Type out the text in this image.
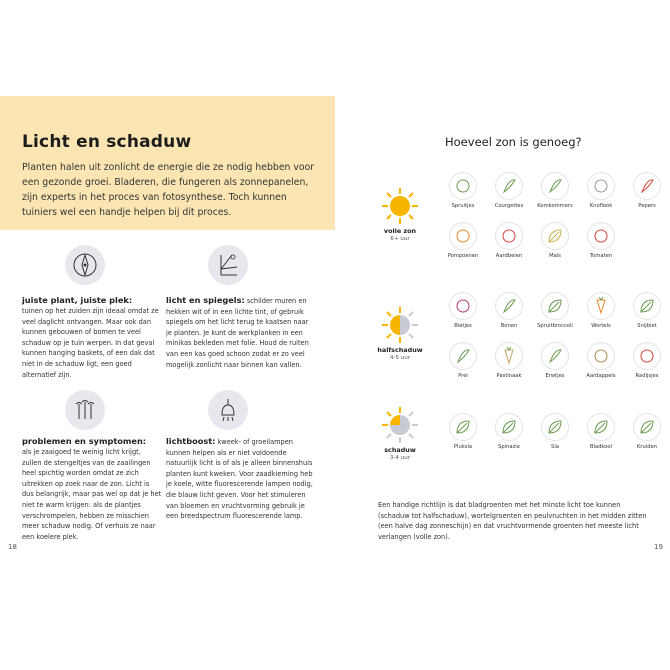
Licht en schaduw

Planten halen uit zonlicht de energie die ze nodig hebben voor een gezonde groei. Bladeren, die fungeren als zonnepanelen, zijn experts in het proces van fotosynthese. Toch kunnen tuiniers wel een handje helpen bij dit proces.

juiste plant, juiste plek:
tuinen op het zuiden zijn ideaal omdat ze veel daglicht ontvangen. Maar ook dan kunnen gebouwen of bomen te veel schaduw op je tuin werpen. In dat geval kunnen hanging baskets, of een dak dat niet in de schaduw ligt, een goed alternatief zijn.
licht en spiegels: schilder muren en hekken wit of in een lichte tint, of gebruik spiegels om het licht terug te kaatsen naar je planten. Je kunt de werkplanken in een minikas bekleden met folie. Houd de ruiten van een kas goed schoon zodat er zo veel mogelijk zonlicht naar binnen kan vallen.
problemen en symptomen:
als je zaaigoed te weinig licht krijgt, zullen de stengeltjes van de zaailingen heel spichtig worden omdat ze zich uitrekken op zoek naar de zon. Licht is dus belangrijk, maar pas wel op dat je het niet te warm krijgen: als de plantjes verschrompelen, hebben ze misschien meer schaduw nodig. Of verhuis ze naar een koelere plek.
lichtboost: kweek- of groeilampen kunnen helpen als er niet voldoende natuurlijk licht is of als je alleen binnenshuis planten kunt kweken. Voor zaadkieming heb je koele, witte fluorescerende lampen nodig, die blauw licht geven. Voor het stimuleren van bloemen en vruchtvorming gebruik je een breedspectrum fluorescerende lamp.
18
Hoeveel zon is genoeg?
volle zon
6+ uur
halfschaduw
4-5 uur
schaduw
3-4 uur
Spruitjes	Courgettes	Komkommers	Knoflook	Pepers
Pompoenen	Aardbeien	Maïs	Tomaten
Bietjes	Bonen	Spruitbroccoli	Wortels	Snijbiet
Prei	Pastinaak	Erwtjes	Aardappels	Radijsjes
Pluksla	Spinazie	Sla	Bladkool	Kruiden

Een handige richtlijn is dat bladgroenten met het minste licht toe kunnen (schaduw tot halfschaduw), wortelgroenten en peulvruchten in het midden zitten (een halve dag zonneschijn) en dat vruchtvormende groenten het meeste licht verlangen (volle zon).

19
